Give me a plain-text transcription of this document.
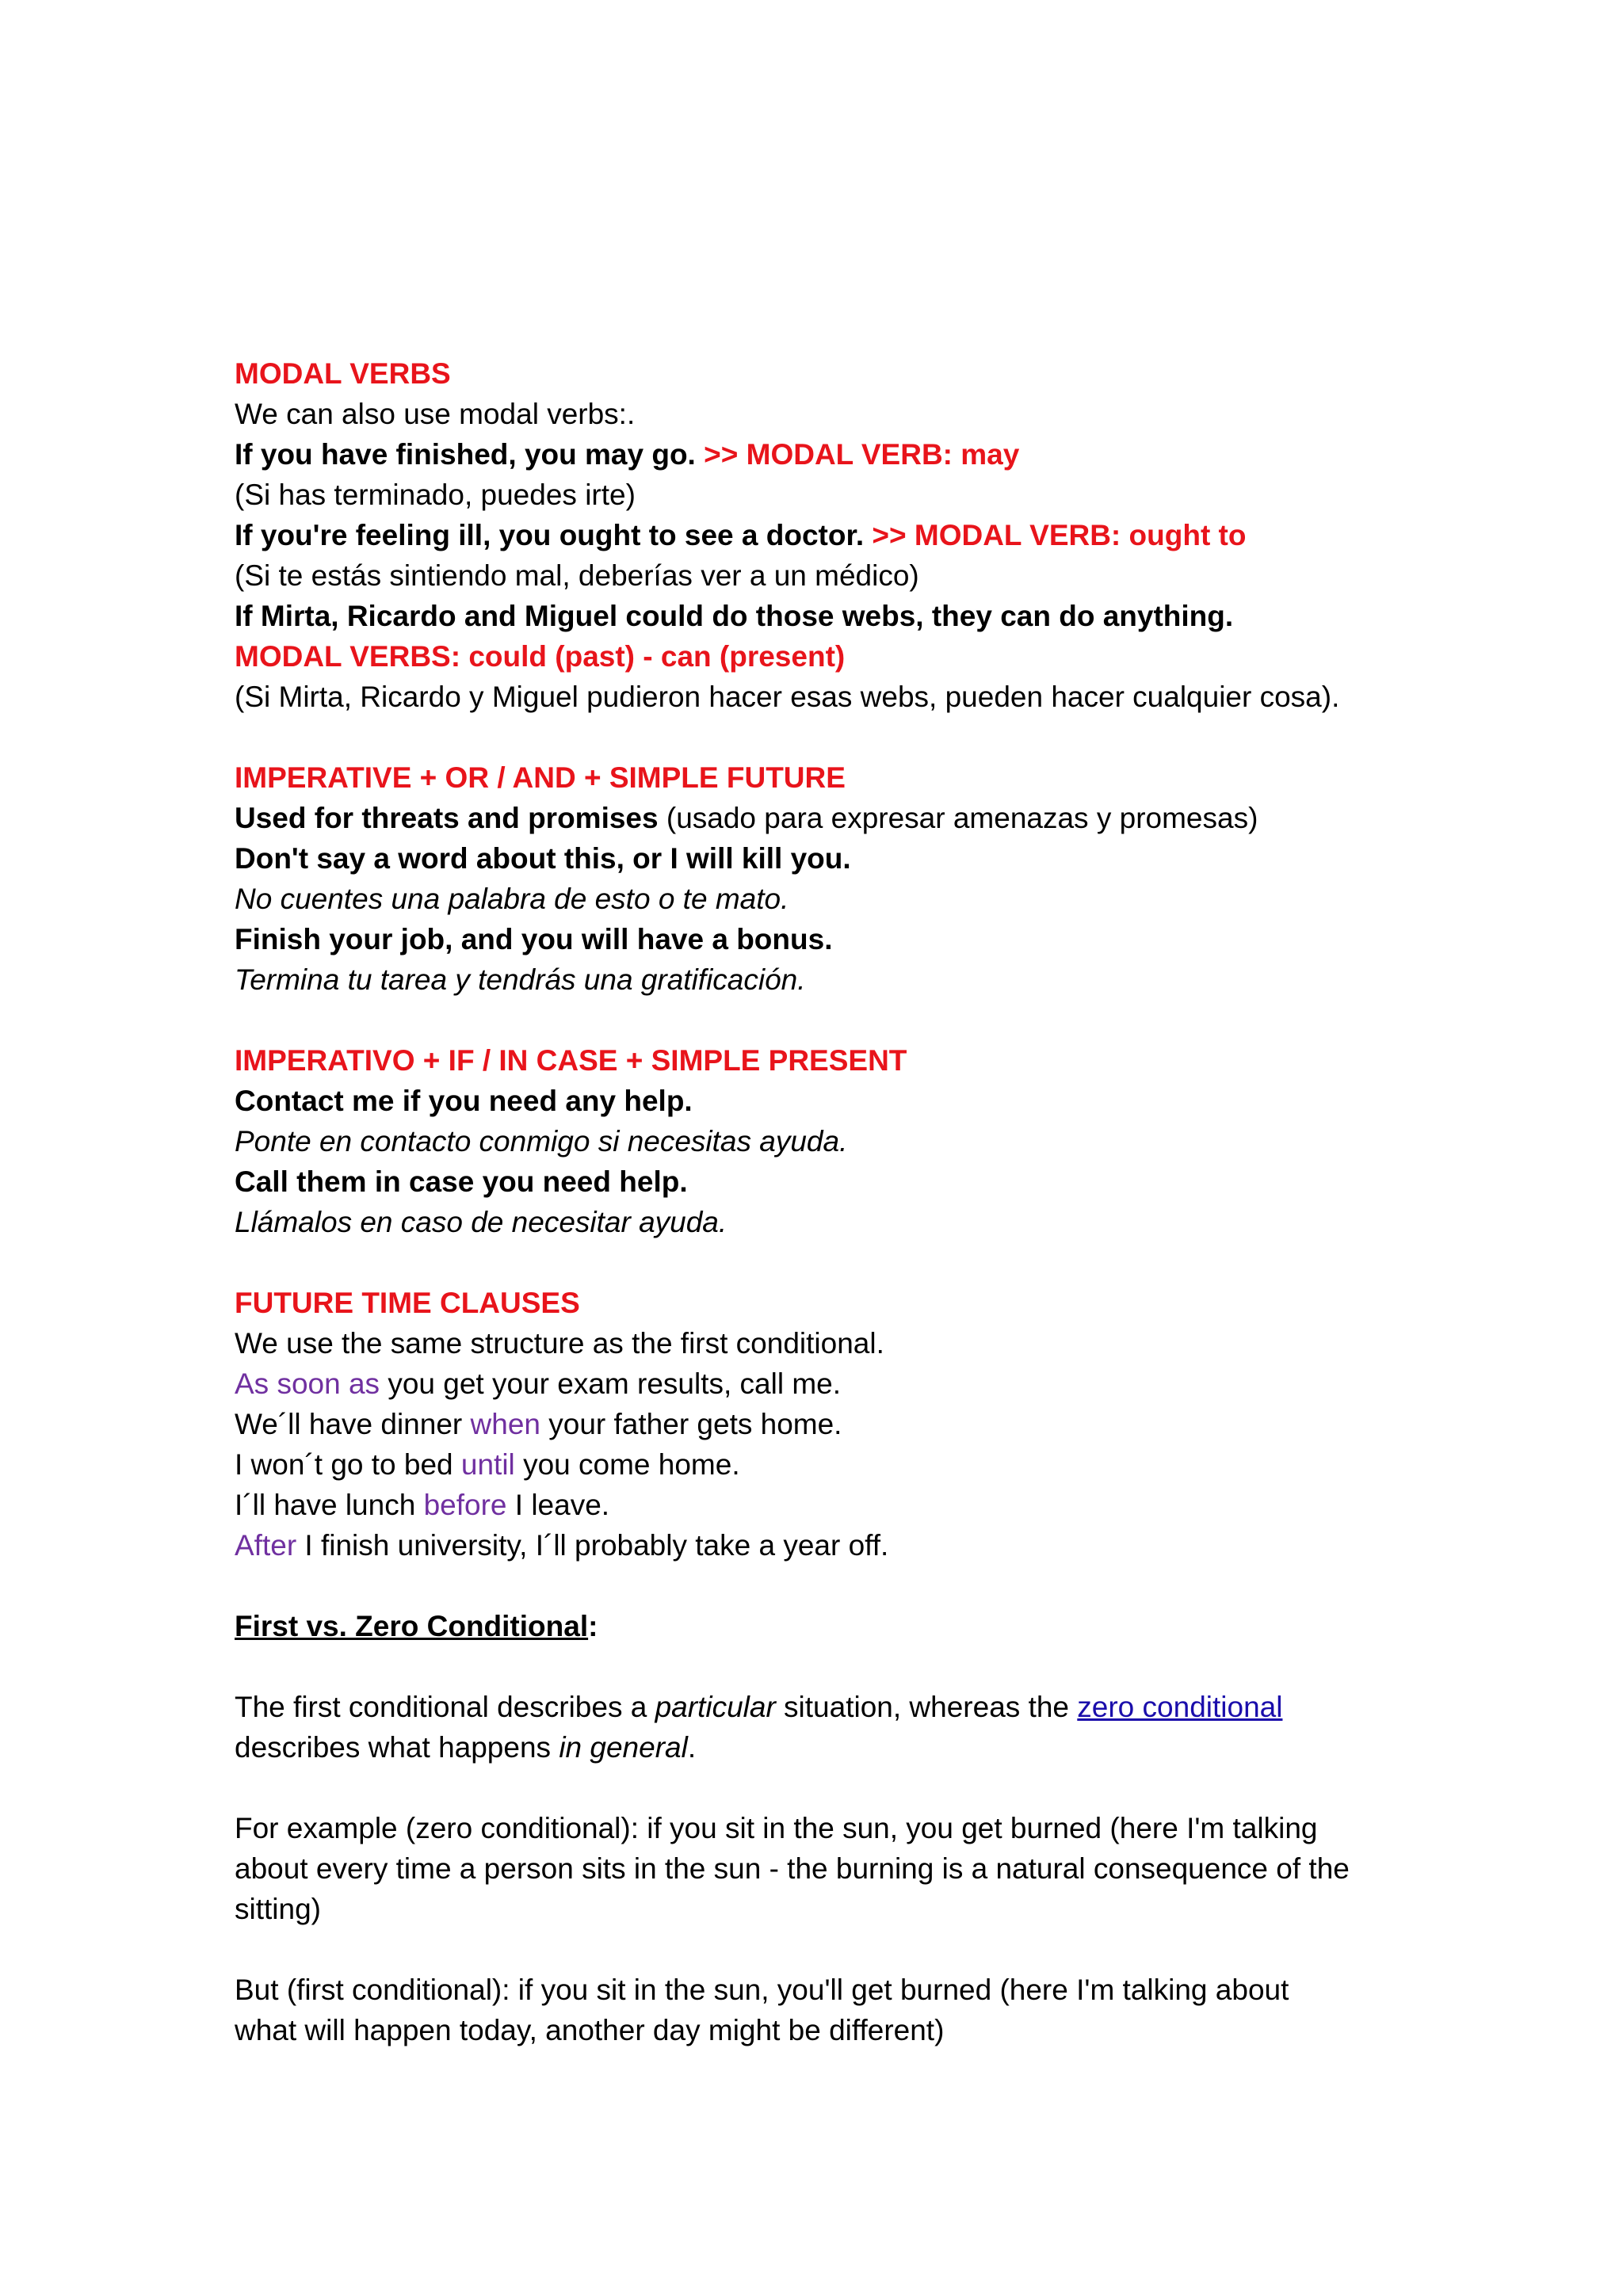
MODAL VERBS
We can also use modal verbs:.
If you have finished, you may go. >> MODAL VERB: may
(Si has terminado, puedes irte)
If you're feeling ill, you ought to see a doctor. >> MODAL VERB: ought to
(Si te estás sintiendo mal, deberías ver a un médico)
If Mirta, Ricardo and Miguel could do those webs, they can do anything.
MODAL VERBS: could (past) - can (present)
(Si Mirta, Ricardo y Miguel pudieron hacer esas webs, pueden hacer cualquier cosa).
IMPERATIVE + OR / AND + SIMPLE FUTURE
Used for threats and promises (usado para expresar amenazas y promesas)
Don't say a word about this, or I will kill you.
No cuentes una palabra de esto o te mato.
Finish your job, and you will have a bonus.
Termina tu tarea y tendrás una gratificación.
IMPERATIVO + IF / IN CASE + SIMPLE PRESENT
Contact me if you need any help.
Ponte en contacto conmigo si necesitas ayuda.
Call them in case you need help.
Llámalos en caso de necesitar ayuda.
FUTURE TIME CLAUSES
We use the same structure as the first conditional.
As soon as you get your exam results, call me.
We´ll have dinner when your father gets home.
I won´t go to bed until you come home.
I´ll have lunch before I leave.
After I finish university, I´ll probably take a year off.
First vs. Zero Conditional:
The first conditional describes a particular situation, whereas the zero conditional
describes what happens in general.
For example (zero conditional): if you sit in the sun, you get burned (here I'm talking
about every time a person sits in the sun - the burning is a natural consequence of the
sitting)
But (first conditional): if you sit in the sun, you'll get burned (here I'm talking about
what will happen today, another day might be different)
